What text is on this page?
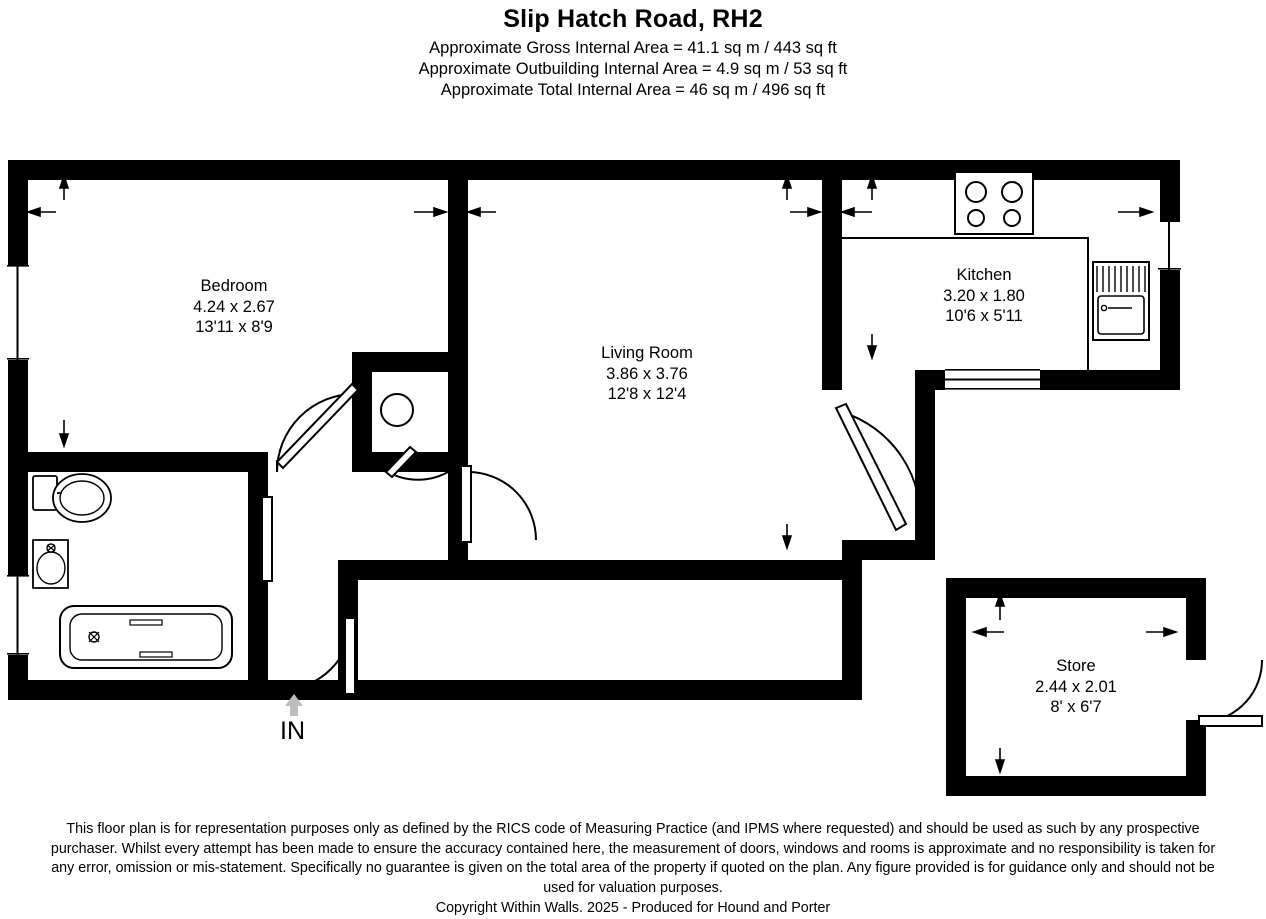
Slip Hatch Road, RH2
Approximate Gross Internal Area = 41.1 sq m / 443 sq ft
Approximate Outbuilding Internal Area = 4.9 sq m / 53 sq ft
Approximate Total Internal Area = 46 sq m / 496 sq ft
Bedroom
4.24 x 2.67
13'11 x 8'9
Living Room
3.86 x 3.76
12'8 x 12'4
Kitchen
3.20 x 1.80
10'6 x 5'11
Store
2.44 x 2.01
8' x 6'7
IN
This floor plan is for representation purposes only as defined by the RICS code of Measuring Practice (and IPMS where requested) and should be used as such by any prospective purchaser. Whilst every attempt has been made to ensure the accuracy contained here, the measurement of doors, windows and rooms is approximate and no responsibility is taken for any error, omission or mis-statement. Specifically no guarantee is given on the total area of the property if quoted on the plan. Any figure provided is for guidance only and should not be used for valuation purposes.
Copyright Within Walls. 2025 - Produced for Hound and Porter
